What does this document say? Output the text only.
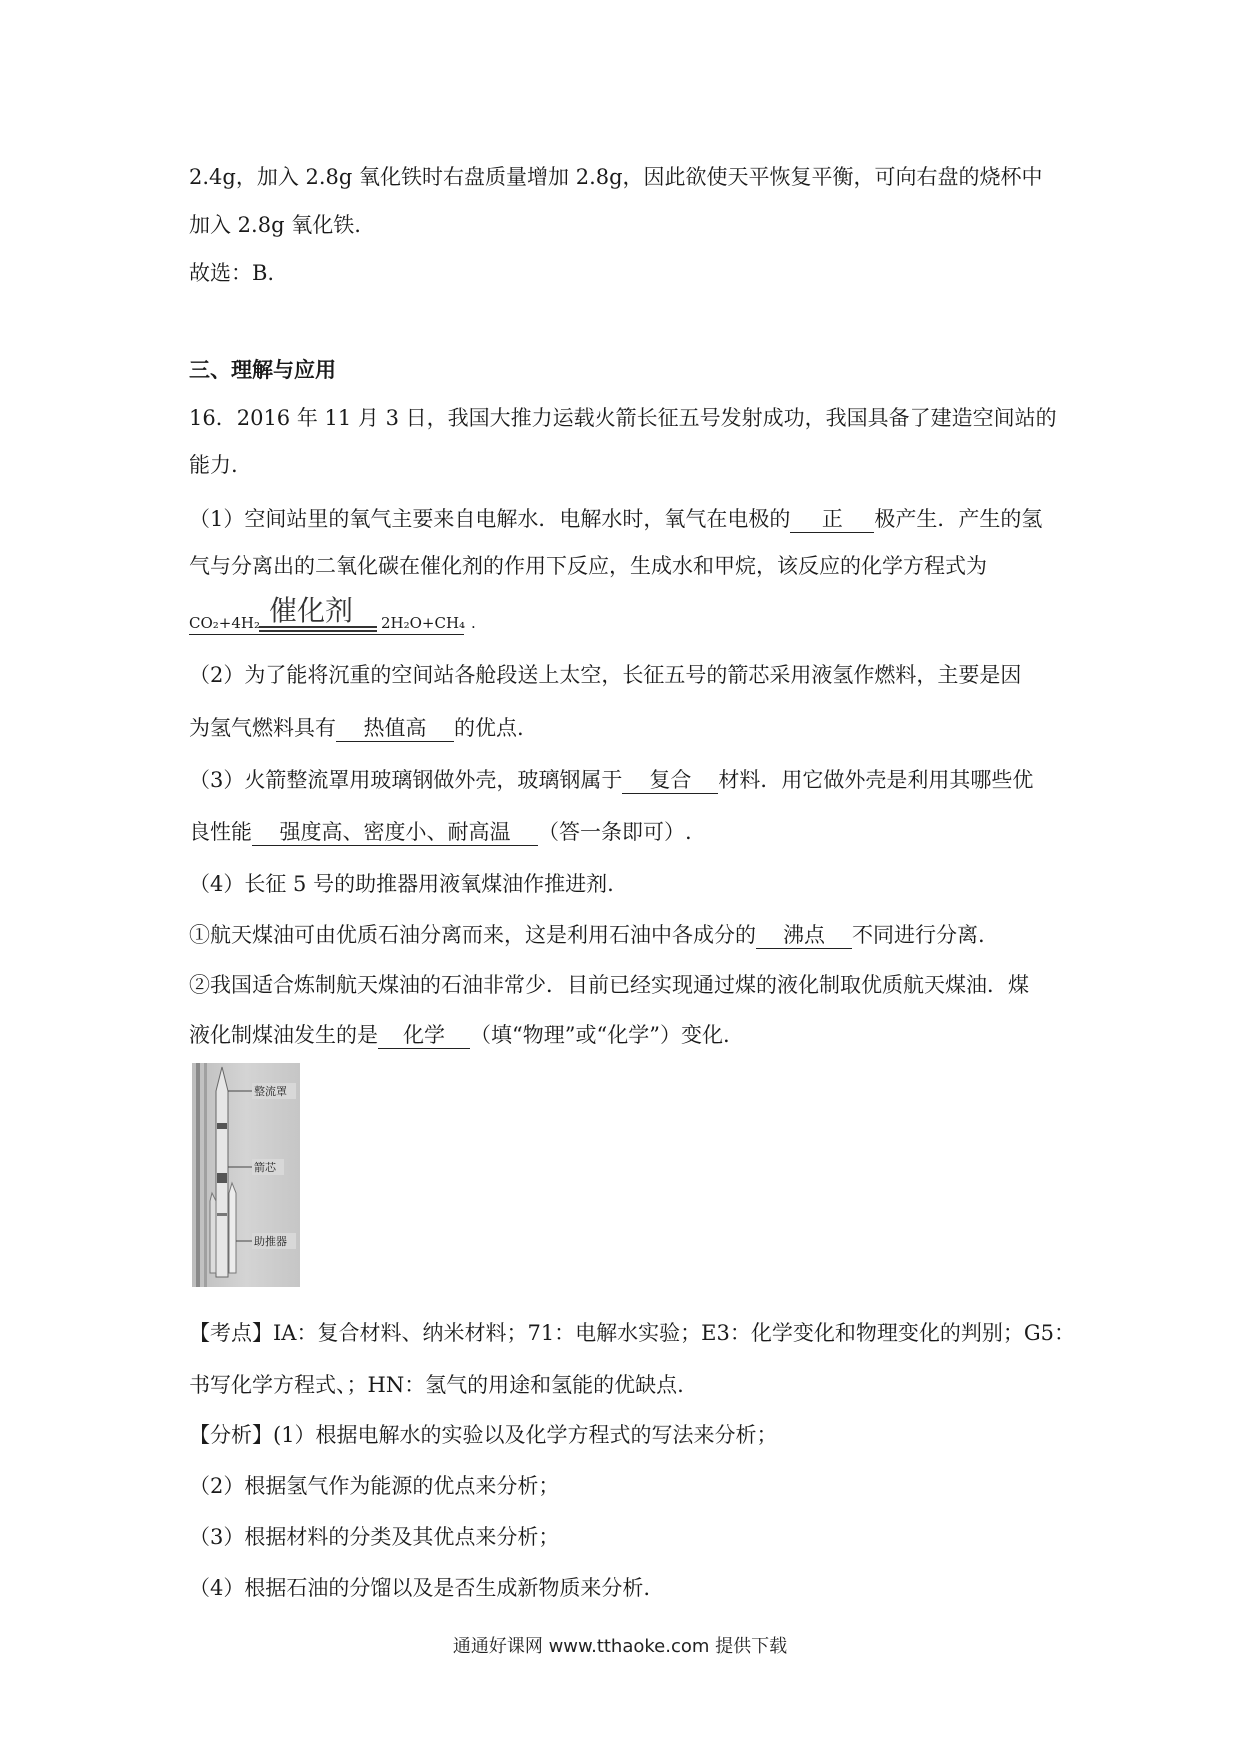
2.4g，加入 2.8g 氧化铁时右盘质量增加 2.8g，因此欲使天平恢复平衡，可向右盘的烧杯中
加入 2.8g 氧化铁.
故选：B.
三、理解与应用
16．2016 年 11 月 3 日，我国大推力运载火箭长征五号发射成功，我国具备了建造空间站的
能力.
（1）空间站里的氧气主要来自电解水．电解水时，氧气在电极的 正 极产生．产生的氢
气与分离出的二氧化碳在催化剂的作用下反应，生成水和甲烷，该反应的化学方程式为
CO₂+4H₂ 催化剂 2H₂O+CH₄ .
（2）为了能将沉重的空间站各舱段送上太空，长征五号的箭芯采用液氢作燃料，主要是因
为氢气燃料具有 热值高 的优点.
（3）火箭整流罩用玻璃钢做外壳，玻璃钢属于 复合 材料．用它做外壳是利用其哪些优
良性能 强度高、密度小、耐高温 （答一条即可）.
（4）长征 5 号的助推器用液氧煤油作推进剂.
①航天煤油可由优质石油分离而来，这是利用石油中各成分的 沸点 不同进行分离.
②我国适合炼制航天煤油的石油非常少．目前已经实现通过煤的液化制取优质航天煤油．煤
液化制煤油发生的是 化学 （填“物理”或“化学”）变化.
整流罩
箭芯
助推器
【考点】IA：复合材料、纳米材料；71：电解水实验；E3：化学变化和物理变化的判别；G5：
书写化学方程式、；HN：氢气的用途和氢能的优缺点.
【分析】(1）根据电解水的实验以及化学方程式的写法来分析；
（2）根据氢气作为能源的优点来分析；
（3）根据材料的分类及其优点来分析；
（4）根据石油的分馏以及是否生成新物质来分析.
通通好课网 www.tthaoke.com 提供下载
